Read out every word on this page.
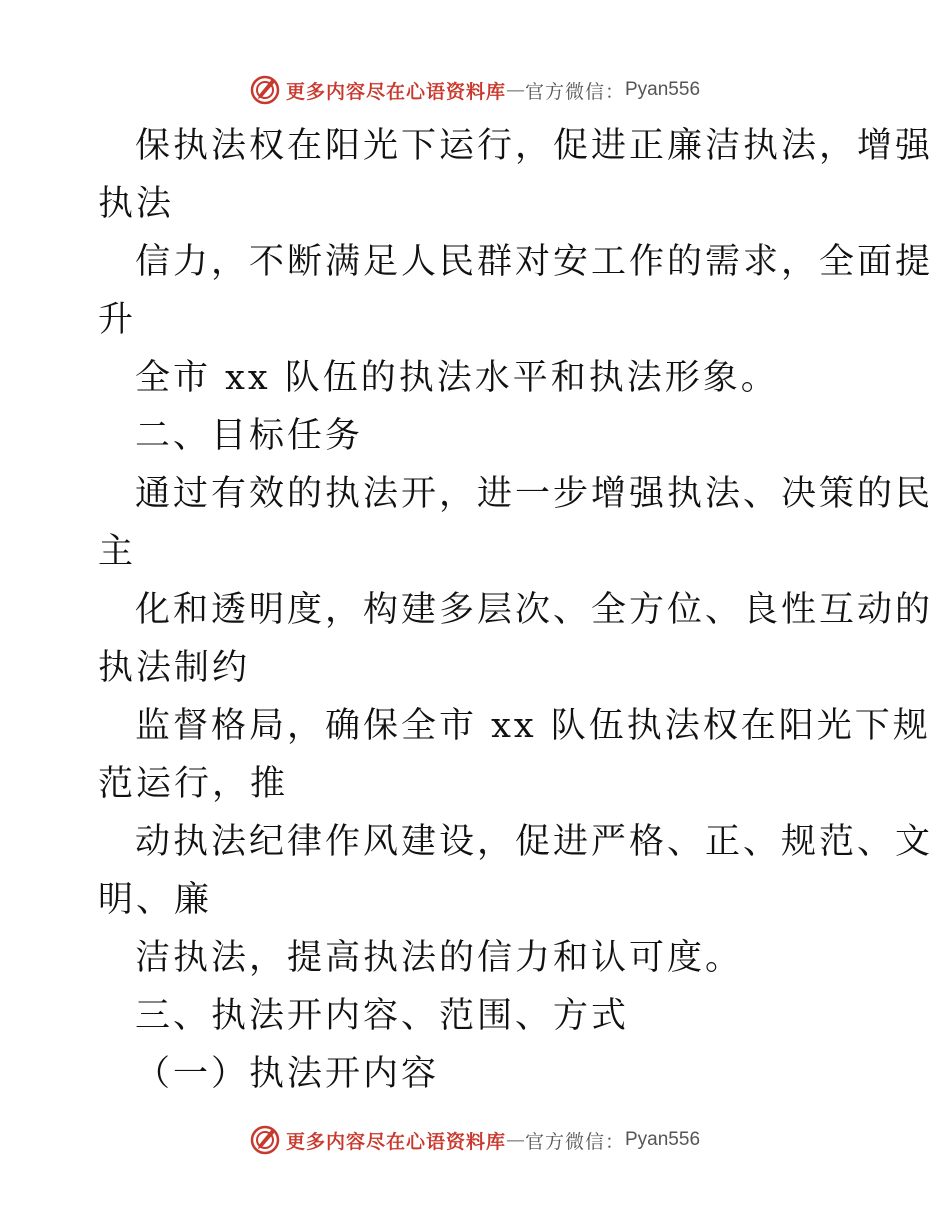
更多内容尽在心语资料库 — 官方微信： Pyan556
保执法权在阳光下运行，促进正廉洁执法，增强
执法
信力，不断满足人民群对安工作的需求，全面提
升
全市 xx 队伍的执法水平和执法形象。
二、目标任务
通过有效的执法开，进一步增强执法、决策的民
主
化和透明度，构建多层次、全方位、良性互动的
执法制约
监督格局，确保全市 xx 队伍执法权在阳光下规
范运行，推
动执法纪律作风建设，促进严格、正、规范、文
明、廉
洁执法，提高执法的信力和认可度。
三、执法开内容、范围、方式
（一）执法开内容
更多内容尽在心语资料库 — 官方微信： Pyan556
